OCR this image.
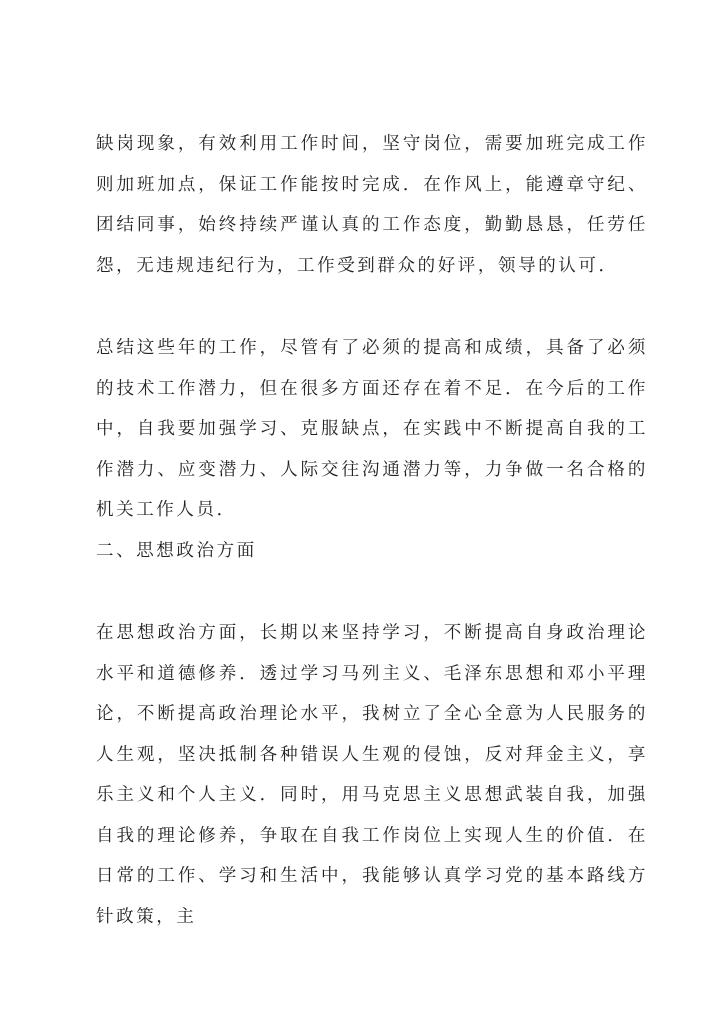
缺岗现象，有效利用工作时间，坚守岗位，需要加班完成工作则加班加点，保证工作能按时完成．在作风上，能遵章守纪、团结同事，始终持续严谨认真的工作态度，勤勤恳恳，任劳任怨，无违规违纪行为，工作受到群众的好评，领导的认可．

总结这些年的工作，尽管有了必须的提高和成绩，具备了必须的技术工作潜力，但在很多方面还存在着不足．在今后的工作中，自我要加强学习、克服缺点，在实践中不断提高自我的工作潜力、应变潜力、人际交往沟通潜力等，力争做一名合格的机关工作人员．

二、思想政治方面

在思想政治方面，长期以来坚持学习，不断提高自身政治理论水平和道德修养．透过学习马列主义、毛泽东思想和邓小平理论，不断提高政治理论水平，我树立了全心全意为人民服务的人生观，坚决抵制各种错误人生观的侵蚀，反对拜金主义，享乐主义和个人主义．同时，用马克思主义思想武装自我，加强自我的理论修养，争取在自我工作岗位上实现人生的价值．在日常的工作、学习和生活中，我能够认真学习党的基本路线方针政策，主
